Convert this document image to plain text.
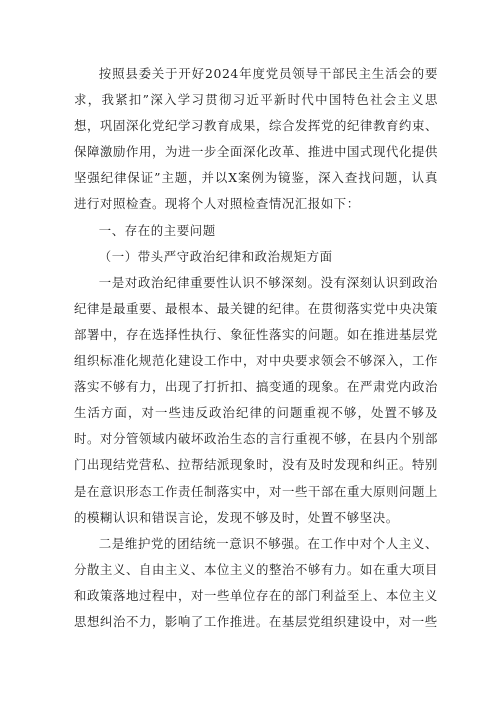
按照县委关于开好2024年度党员领导干部民主生活会的要求，我紧扣”深入学习贯彻习近平新时代中国特色社会主义思想，巩固深化党纪学习教育成果，综合发挥党的纪律教育约束、保障激励作用，为进一步全面深化改革、推进中国式现代化提供坚强纪律保证”主题，并以X案例为镜鉴，深入查找问题，认真进行对照检查。现将个人对照检查情况汇报如下：

一、存在的主要问题

（一）带头严守政治纪律和政治规矩方面

一是对政治纪律重要性认识不够深刻。没有深刻认识到政治纪律是最重要、最根本、最关键的纪律。在贯彻落实党中央决策部署中，存在选择性执行、象征性落实的问题。如在推进基层党组织标准化规范化建设工作中，对中央要求领会不够深入，工作落实不够有力，出现了打折扣、搞变通的现象。在严肃党内政治生活方面，对一些违反政治纪律的问题重视不够，处置不够及时。对分管领域内破坏政治生态的言行重视不够，在县内个别部门出现结党营私、拉帮结派现象时，没有及时发现和纠正。特别是在意识形态工作责任制落实中，对一些干部在重大原则问题上的模糊认识和错误言论，发现不够及时，处置不够坚决。

二是维护党的团结统一意识不够强。在工作中对个人主义、分散主义、自由主义、本位主义的整治不够有力。如在重大项目和政策落地过程中，对一些单位存在的部门利益至上、本位主义思想纠治不力，影响了工作推进。在基层党组织建设中，对一些
